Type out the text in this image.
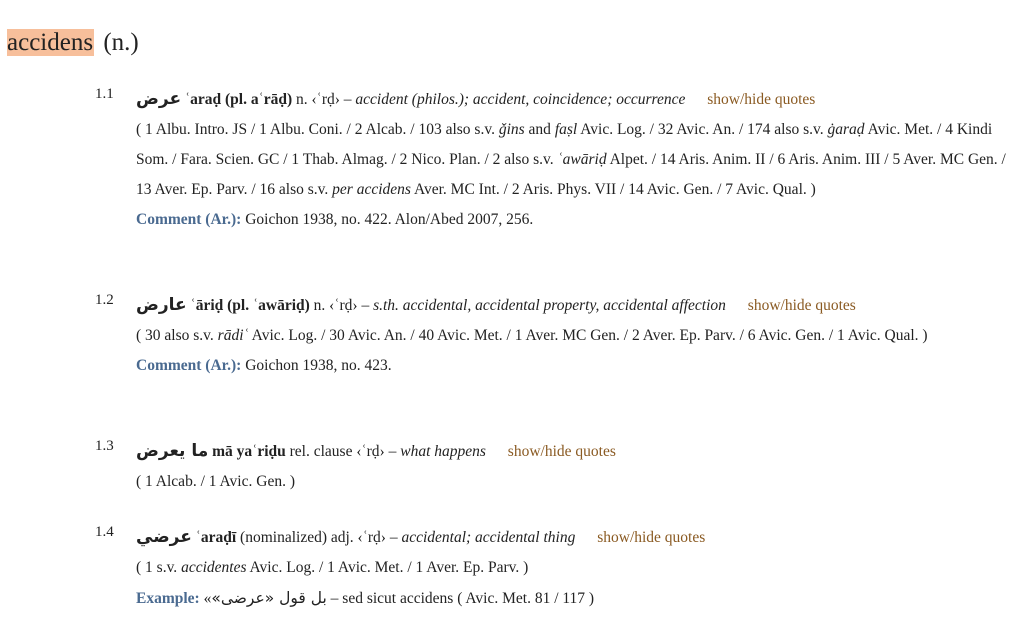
accidens (n.)
1.1 عرض ʿaraḍ (pl. aʿrāḍ) n. ‹ʿrḍ› – accident (philos.); accident, coincidence; occurrence show/hide quotes
( 1 Albu. Intro. JS / 1 Albu. Coni. / 2 Alcab. / 103 also s.v. ǧins and faṣl Avic. Log. / 32 Avic. An. / 174 also s.v. ġaraḍ Avic. Met. / 4 Kindi Som. / Fara. Scien. GC / 1 Thab. Almag. / 2 Nico. Plan. / 2 also s.v. ʿawāriḍ Alpet. / 14 Aris. Anim. II / 6 Aris. Anim. III / 5 Aver. MC Gen. / 13 Aver. Ep. Parv. / 16 also s.v. per accidens Aver. MC Int. / 2 Aris. Phys. VII / 14 Avic. Gen. / 7 Avic. Qual. )
Comment (Ar.): Goichon 1938, no. 422. Alon/Abed 2007, 256.
1.2 عارض ʿāriḍ (pl. ʿawāriḍ) n. ‹ʿrḍ› – s.th. accidental, accidental property, accidental affection show/hide quotes
( 30 also s.v. rādiʿ Avic. Log. / 30 Avic. An. / 40 Avic. Met. / 1 Aver. MC Gen. / 2 Aver. Ep. Parv. / 6 Avic. Gen. / 1 Avic. Qual. )
Comment (Ar.): Goichon 1938, no. 423.
1.3 ما يعرض mā yaʿriḍu rel. clause ‹ʿrḍ› – what happens show/hide quotes
( 1 Alcab. / 1 Avic. Gen. )
1.4 عرضي ʿaraḍī (nominalized) adj. ‹ʿrḍ› – accidental; accidental thing show/hide quotes
( 1 s.v. accidentes Avic. Log. / 1 Avic. Met. / 1 Aver. Ep. Parv. )
Example: «بل قول «عرضى» – sed sicut accidens ( Avic. Met. 81 / 117 )
